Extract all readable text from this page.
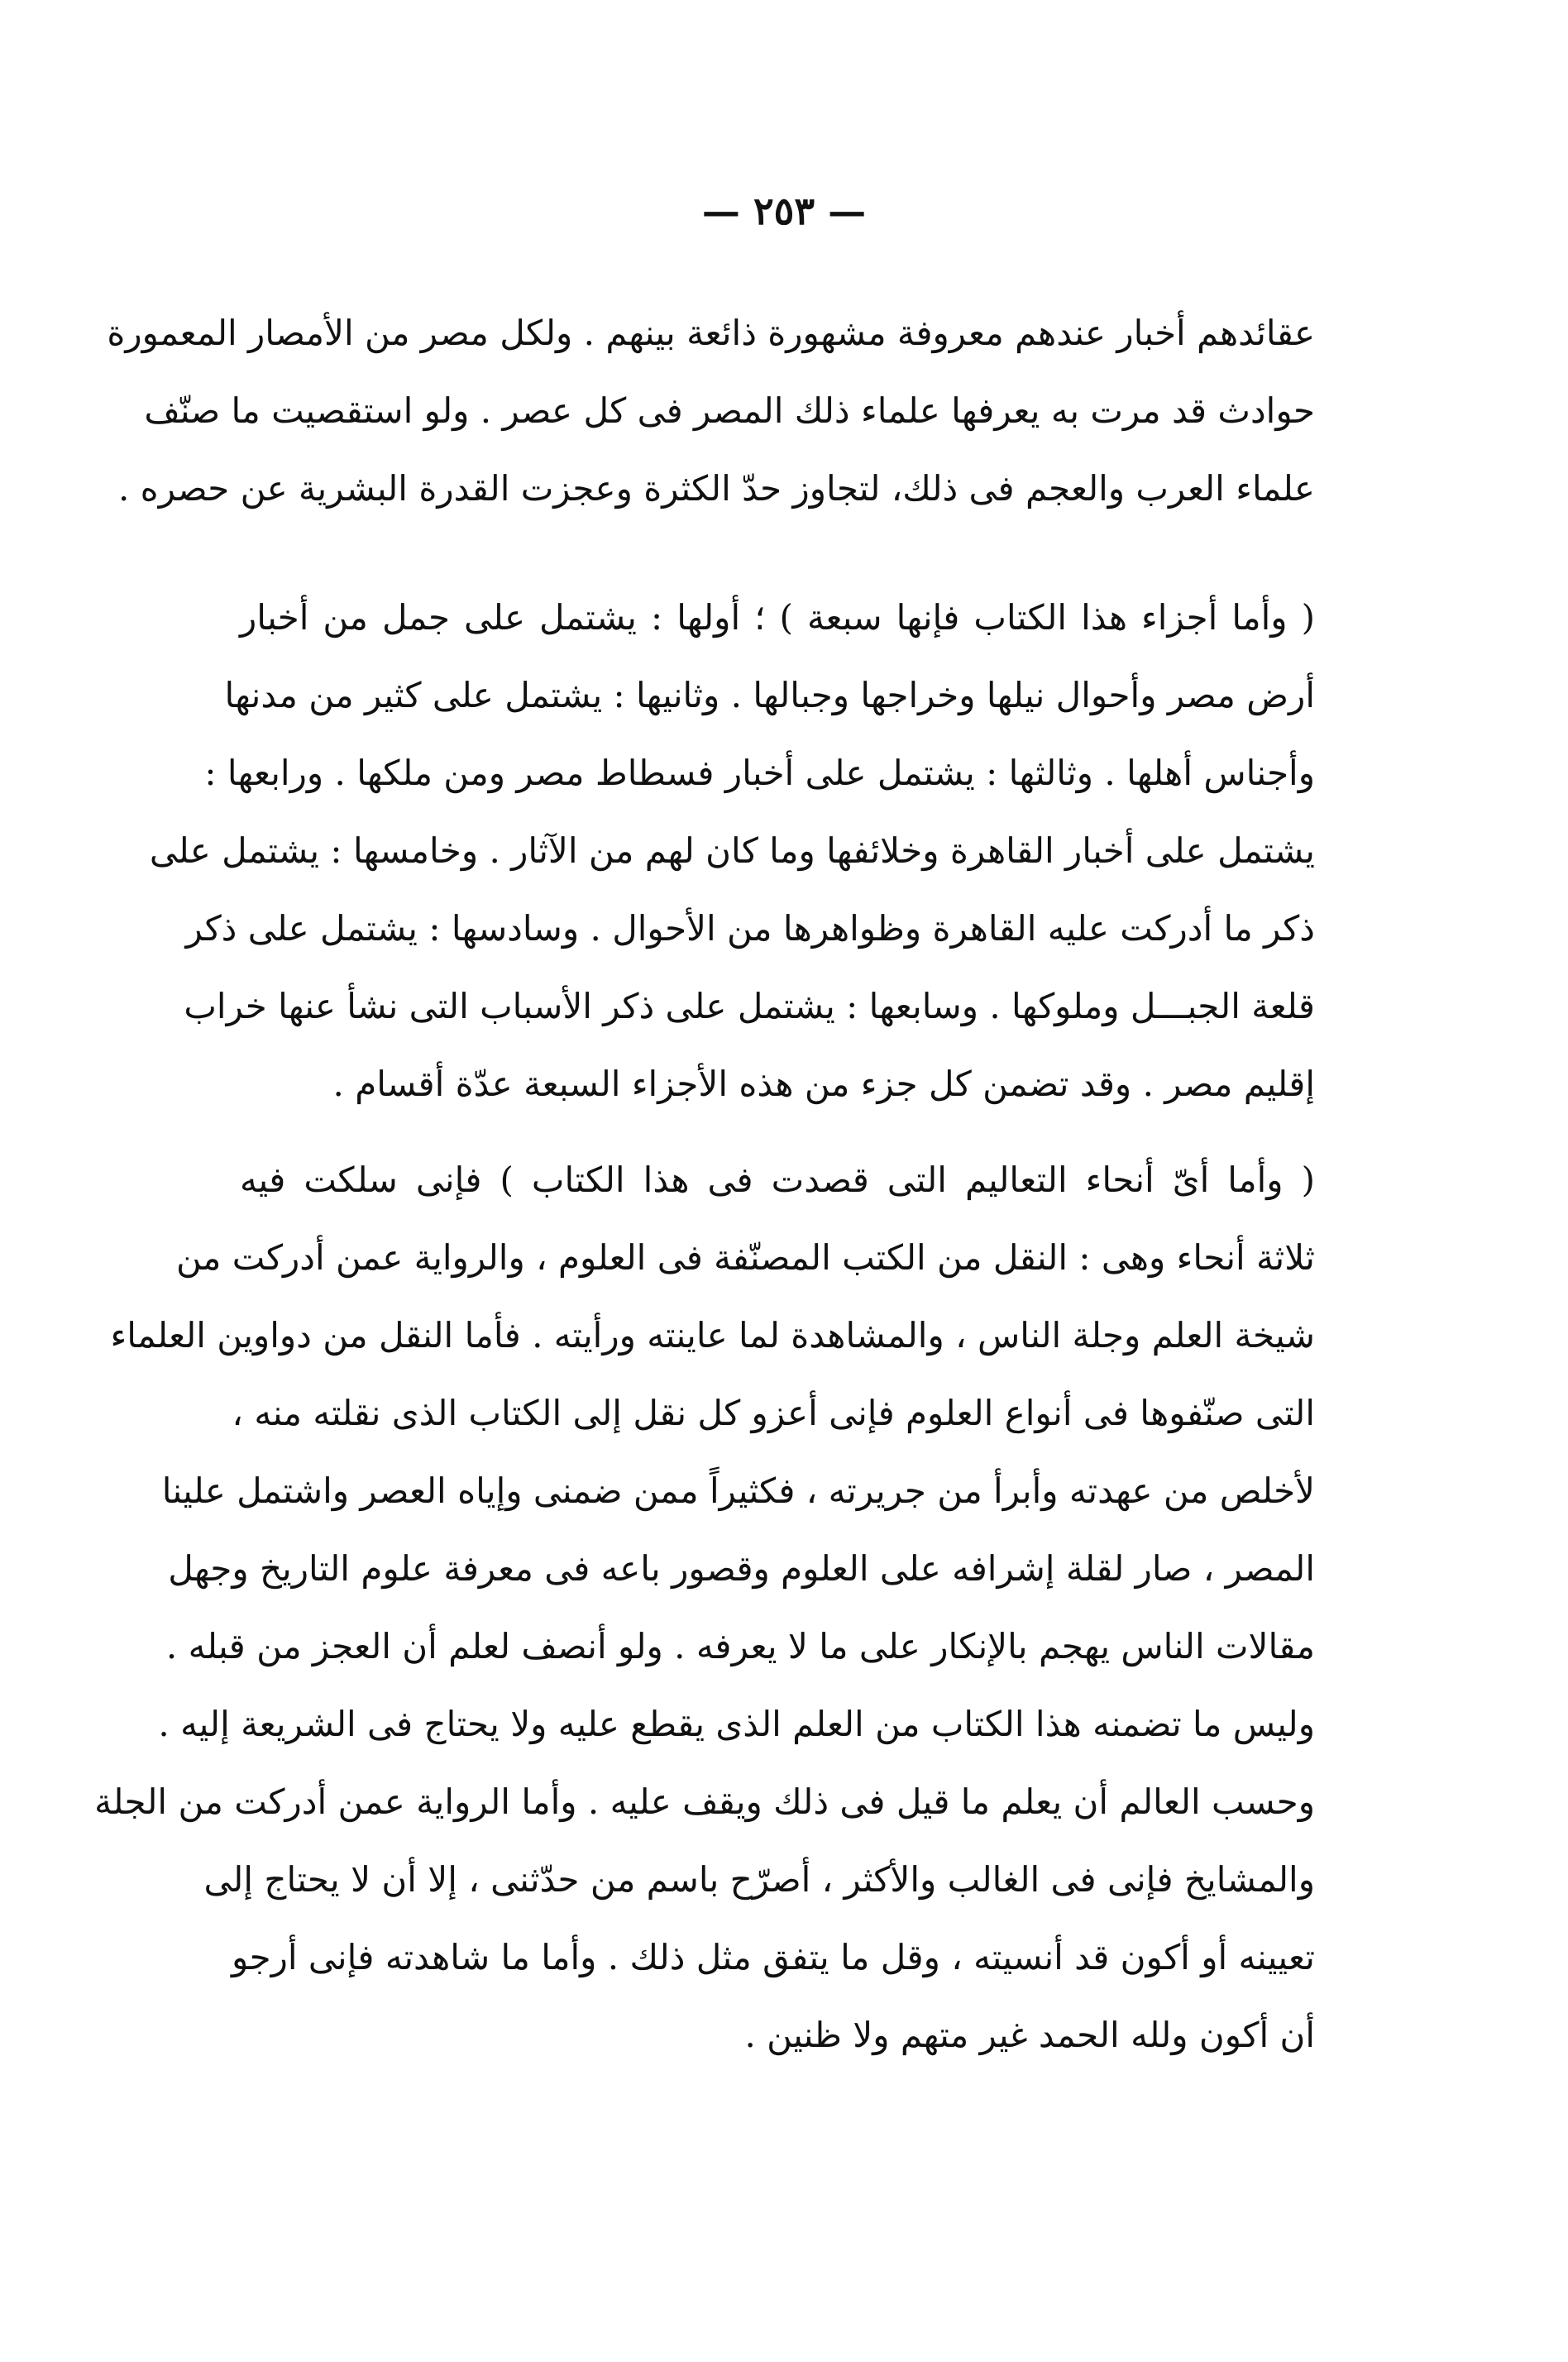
— ٢٥٣ —
عقائدهم أخبار عندهم معروفة مشهورة ذائعة بينهم . ولكل مصر من الأمصار المعمورة
حوادث قد مرت به يعرفها علماء ذلك المصر فى كل عصر . ولو استقصيت ما صنّف
علماء العرب والعجم فى ذلك، لتجاوز حدّ الكثرة وعجزت القدرة البشرية عن حصره .
( وأما أجزاء هذا الكتاب فإنها سبعة ) ؛ أولها : يشتمل على جمل من أخبار
أرض مصر وأحوال نيلها وخراجها وجبالها . وثانيها : يشتمل على كثير من مدنها
وأجناس أهلها . وثالثها : يشتمل على أخبار فسطاط مصر ومن ملكها . ورابعها :
يشتمل على أخبار القاهرة وخلائفها وما كان لهم من الآثار . وخامسها : يشتمل على
ذكر ما أدركت عليه القاهرة وظواهرها من الأحوال . وسادسها : يشتمل على ذكر
قلعة الجبـــل وملوكها . وسابعها : يشتمل على ذكر الأسباب التى نشأ عنها خراب
إقليم مصر . وقد تضمن كل جزء من هذه الأجزاء السبعة عدّة أقسام .
( وأما أىّ أنحاء التعاليم التى قصدت فى هذا الكتاب ) فإنى سلكت فيه
ثلاثة أنحاء وهى : النقل من الكتب المصنّفة فى العلوم ، والرواية عمن أدركت من
شيخة العلم وجلة الناس ، والمشاهدة لما عاينته ورأيته . فأما النقل من دواوين العلماء
التى صنّفوها فى أنواع العلوم فإنى أعزو كل نقل إلى الكتاب الذى نقلته منه ،
لأخلص من عهدته وأبرأ من جريرته ، فكثيراً ممن ضمنى وإياه العصر واشتمل علينا
المصر ، صار لقلة إشرافه على العلوم وقصور باعه فى معرفة علوم التاريخ وجهل
مقالات الناس يهجم بالإنكار على ما لا يعرفه . ولو أنصف لعلم أن العجز من قبله .
وليس ما تضمنه هذا الكتاب من العلم الذى يقطع عليه ولا يحتاج فى الشريعة إليه .
وحسب العالم أن يعلم ما قيل فى ذلك ويقف عليه . وأما الرواية عمن أدركت من الجلة
والمشايخ فإنى فى الغالب والأكثر ، أصرّح باسم من حدّثنى ، إلا أن لا يحتاج إلى
تعيينه أو أكون قد أنسيته ، وقل ما يتفق مثل ذلك . وأما ما شاهدته فإنى أرجو
أن أكون ولله الحمد غير متهم ولا ظنين .
